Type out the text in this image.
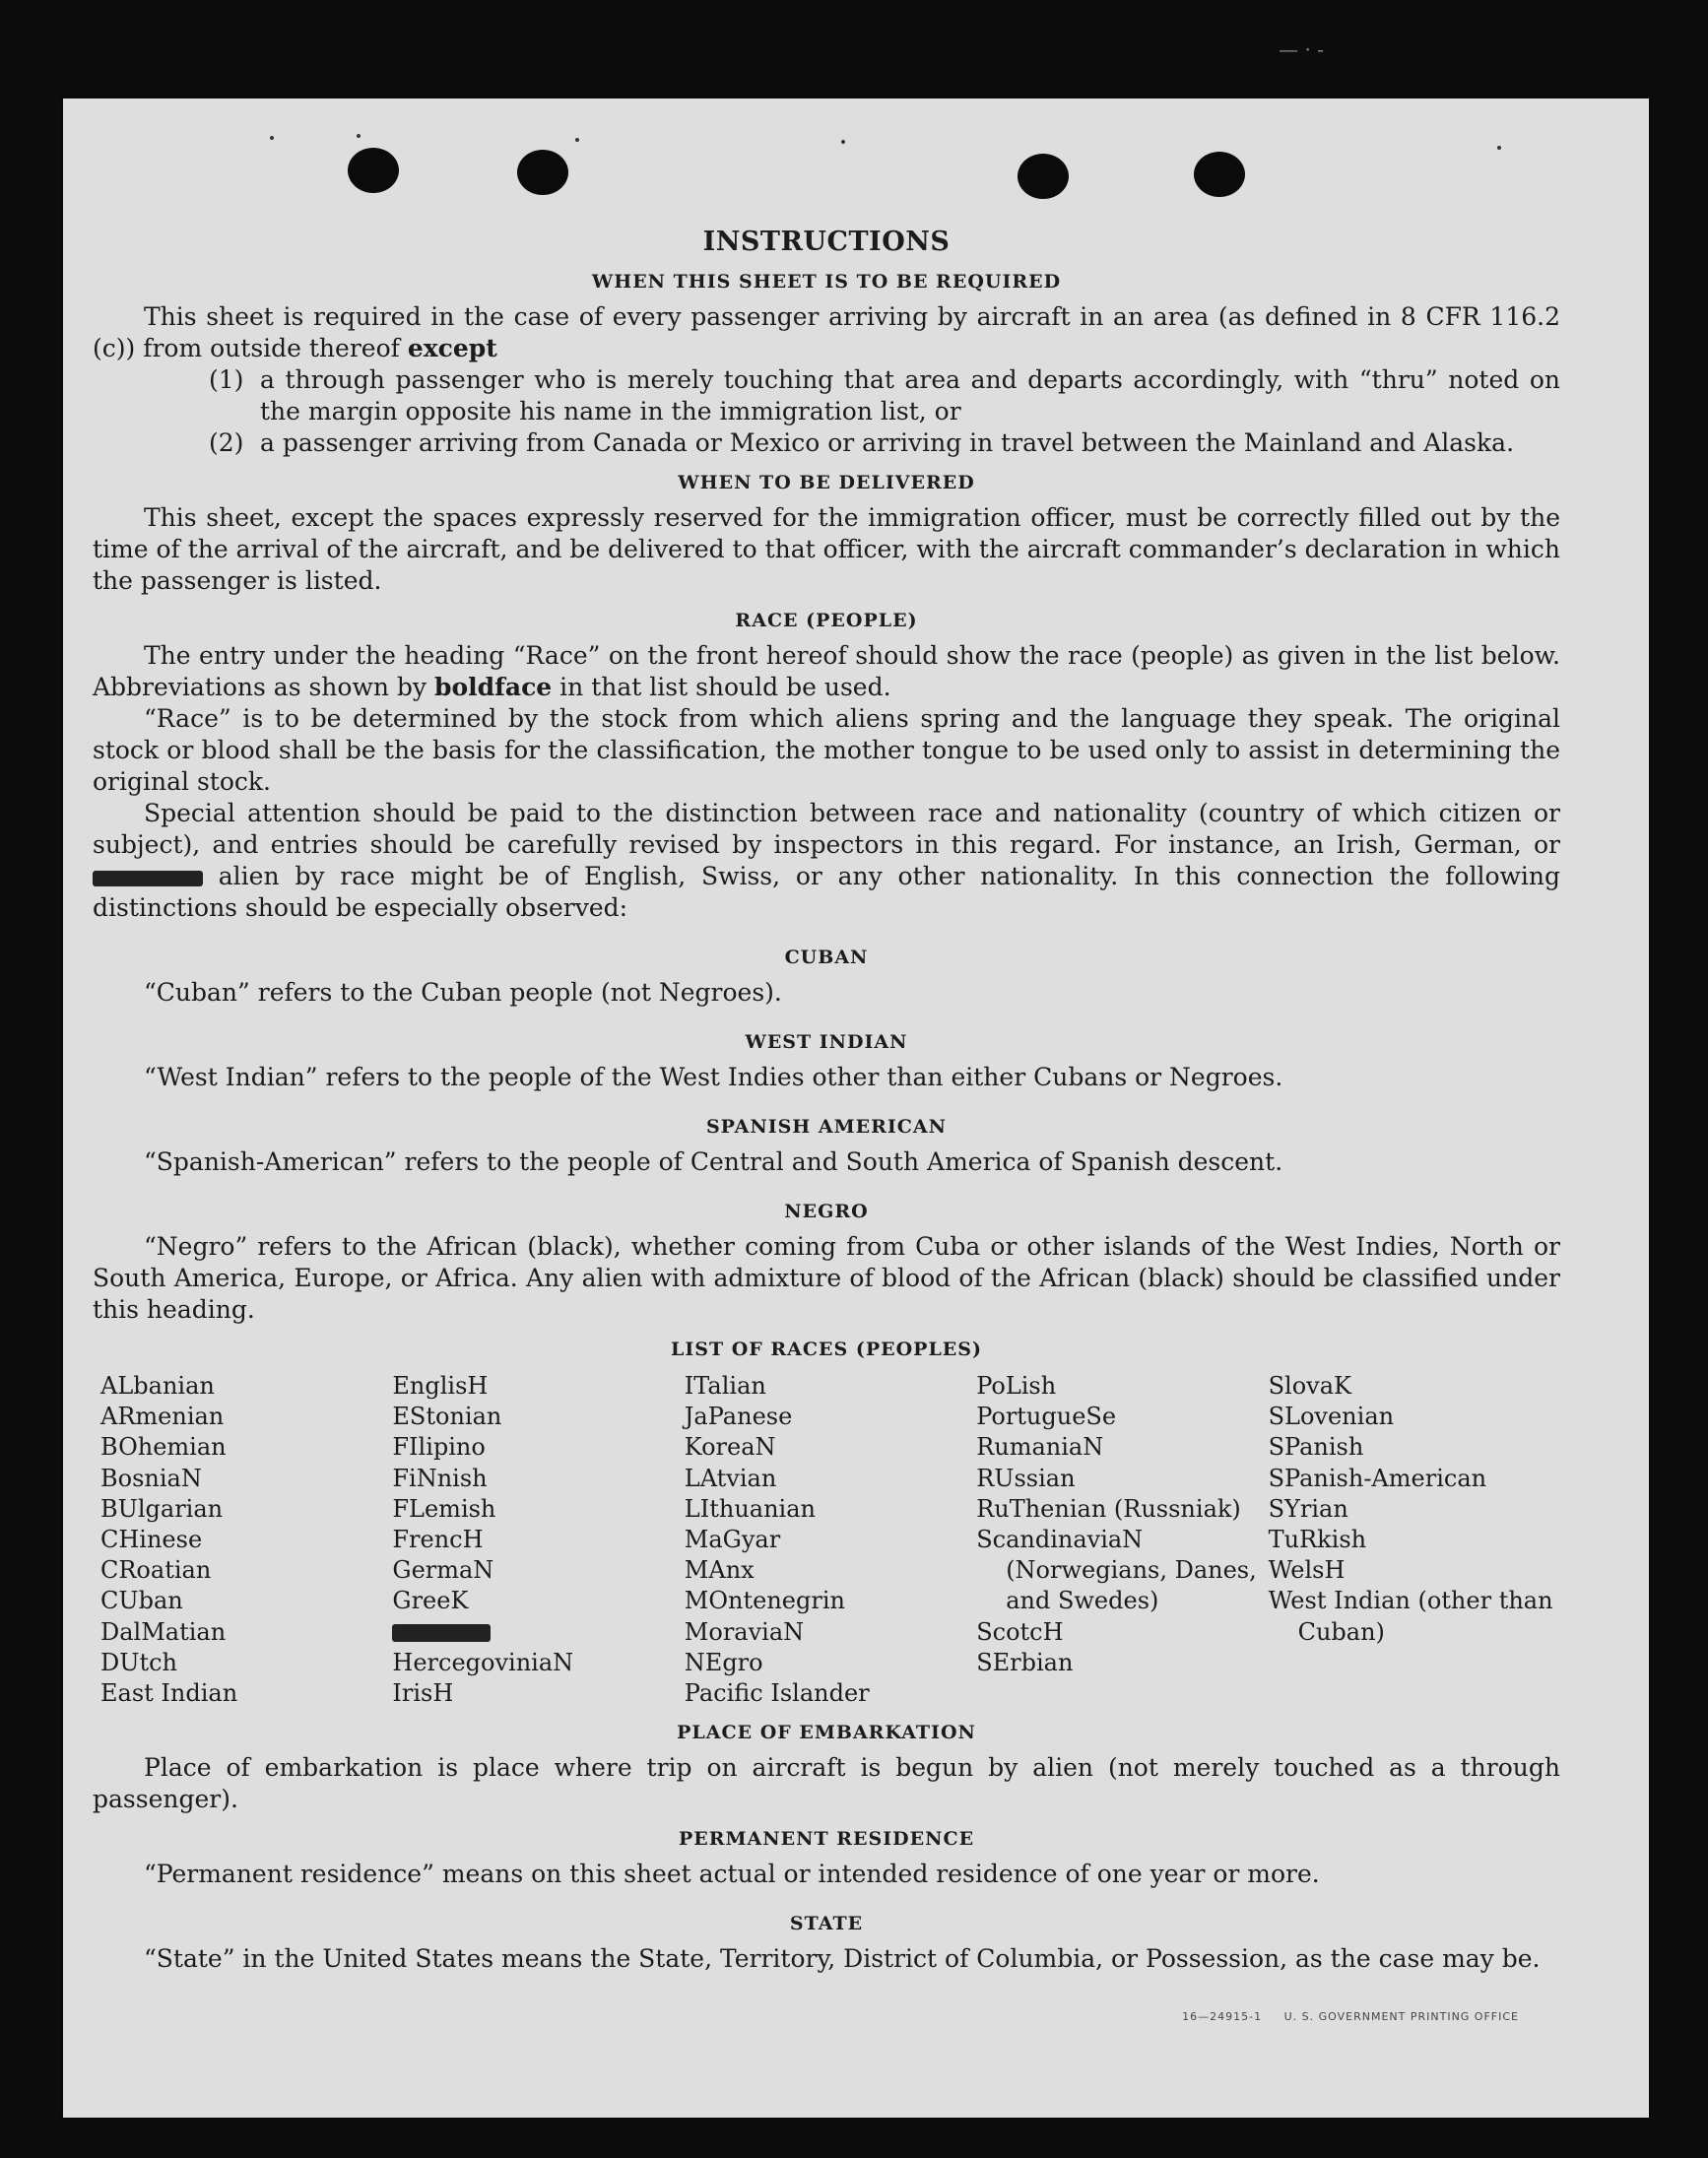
— · -
INSTRUCTIONS
WHEN THIS SHEET IS TO BE REQUIRED

This sheet is required in the case of every passenger arriving by aircraft in an area (as defined in 8 CFR 116.2 (c)) from outside thereof except

(1) a through passenger who is merely touching that area and departs accordingly, with “thru” noted on the margin opposite his name in the immigration list, or
(2) a passenger arriving from Canada or Mexico or arriving in travel between the Mainland and Alaska.
WHEN TO BE DELIVERED

This sheet, except the spaces expressly reserved for the immigration officer, must be correctly filled out by the time of the arrival of the aircraft, and be delivered to that officer, with the aircraft commander’s declaration in which the passenger is listed.

RACE (PEOPLE)

The entry under the heading “Race” on the front hereof should show the race (people) as given in the list below. Abbreviations as shown by boldface in that list should be used.

“Race” is to be determined by the stock from which aliens spring and the language they speak. The original stock or blood shall be the basis for the classification, the mother tongue to be used only to assist in determining the original stock.

Special attention should be paid to the distinction between race and nationality (country of which citizen or subject), and entries should be carefully revised by inspectors in this regard. For instance, an Irish, German, or  alien by race might be of English, Swiss, or any other nationality. In this connection the following distinctions should be especially observed:

CUBAN

“Cuban” refers to the Cuban people (not Negroes).

WEST INDIAN

“West Indian” refers to the people of the West Indies other than either Cubans or Negroes.

SPANISH AMERICAN

“Spanish-American” refers to the people of Central and South America of Spanish descent.

NEGRO

“Negro” refers to the African (black), whether coming from Cuba or other islands of the West Indies, North or South America, Europe, or Africa. Any alien with admixture of blood of the African (black) should be classified under this heading.

LIST OF RACES (PEOPLES)
ALbanian
ARmenian
BOhemian
BosniaN
BUlgarian
CHinese
CRoatian
CUban
DalMatian
DUtch
East Indian
EnglisH
EStonian
FIlipino
FiNnish
FLemish
FrencH
GermaN
GreeK
HercegoviniaN
IrisH
ITalian
JaPanese
KoreaN
LAtvian
LIthuanian
MaGyar
MAnx
MOntenegrin
MoraviaN
NEgro
Pacific Islander
PoLish
PortugueSe
RumaniaN
RUssian
RuThenian (Russniak)
ScandinaviaN (Norwegians, Danes, and Swedes)
ScotcH
SErbian
SlovaK
SLovenian
SPanish
SPanish-American
SYrian
TuRkish
WelsH
West Indian (other than Cuban)
PLACE OF EMBARKATION

Place of embarkation is place where trip on aircraft is begun by alien (not merely touched as a through passenger).

PERMANENT RESIDENCE

“Permanent residence” means on this sheet actual or intended residence of one year or more.

STATE

“State” in the United States means the State, Territory, District of Columbia, or Possession, as the case may be.

16—24915-1 U. S. GOVERNMENT PRINTING OFFICE
